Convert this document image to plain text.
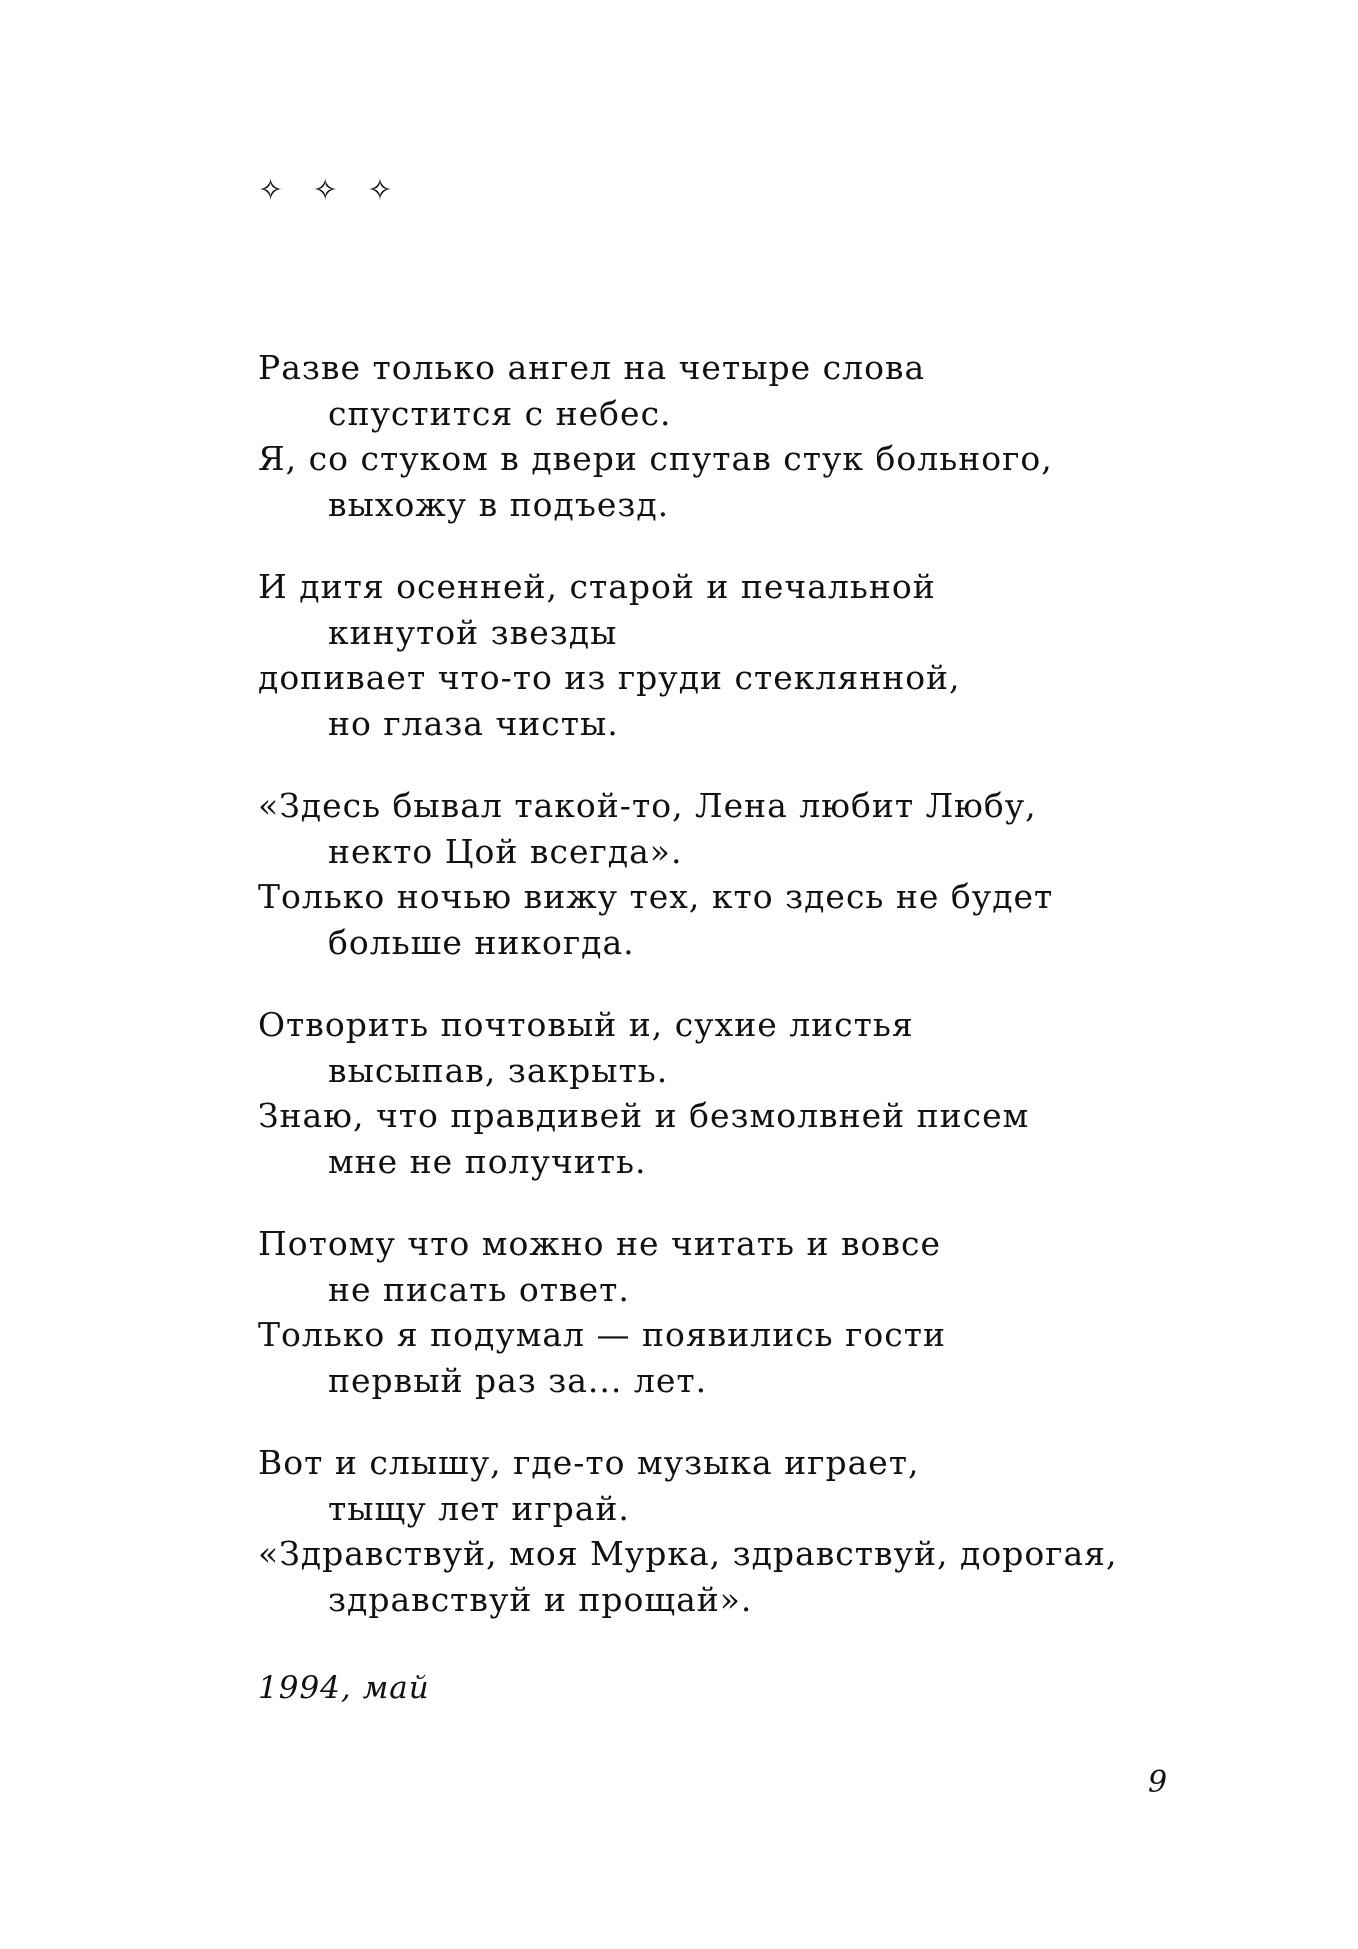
✧ ✧ ✧
Разве только ангел на четыре слова
спустится с небес.
Я, со стуком в двери спутав стук больного,
выхожу в подъезд.
И дитя осенней, старой и печальной
кинутой звезды
допивает что-то из груди стеклянной,
но глаза чисты.
«Здесь бывал такой-то, Лена любит Любу,
некто Цой всегда».
Только ночью вижу тех, кто здесь не будет
больше никогда.
Отворить почтовый и, сухие листья
высыпав, закрыть.
Знаю, что правдивей и безмолвней писем
мне не получить.
Потому что можно не читать и вовсе
не писать ответ.
Только я подумал — появились гости
первый раз за... лет.
Вот и слышу, где-то музыка играет,
тыщу лет играй.
«Здравствуй, моя Мурка, здравствуй, дорогая,
здравствуй и прощай».
1994, май
9
